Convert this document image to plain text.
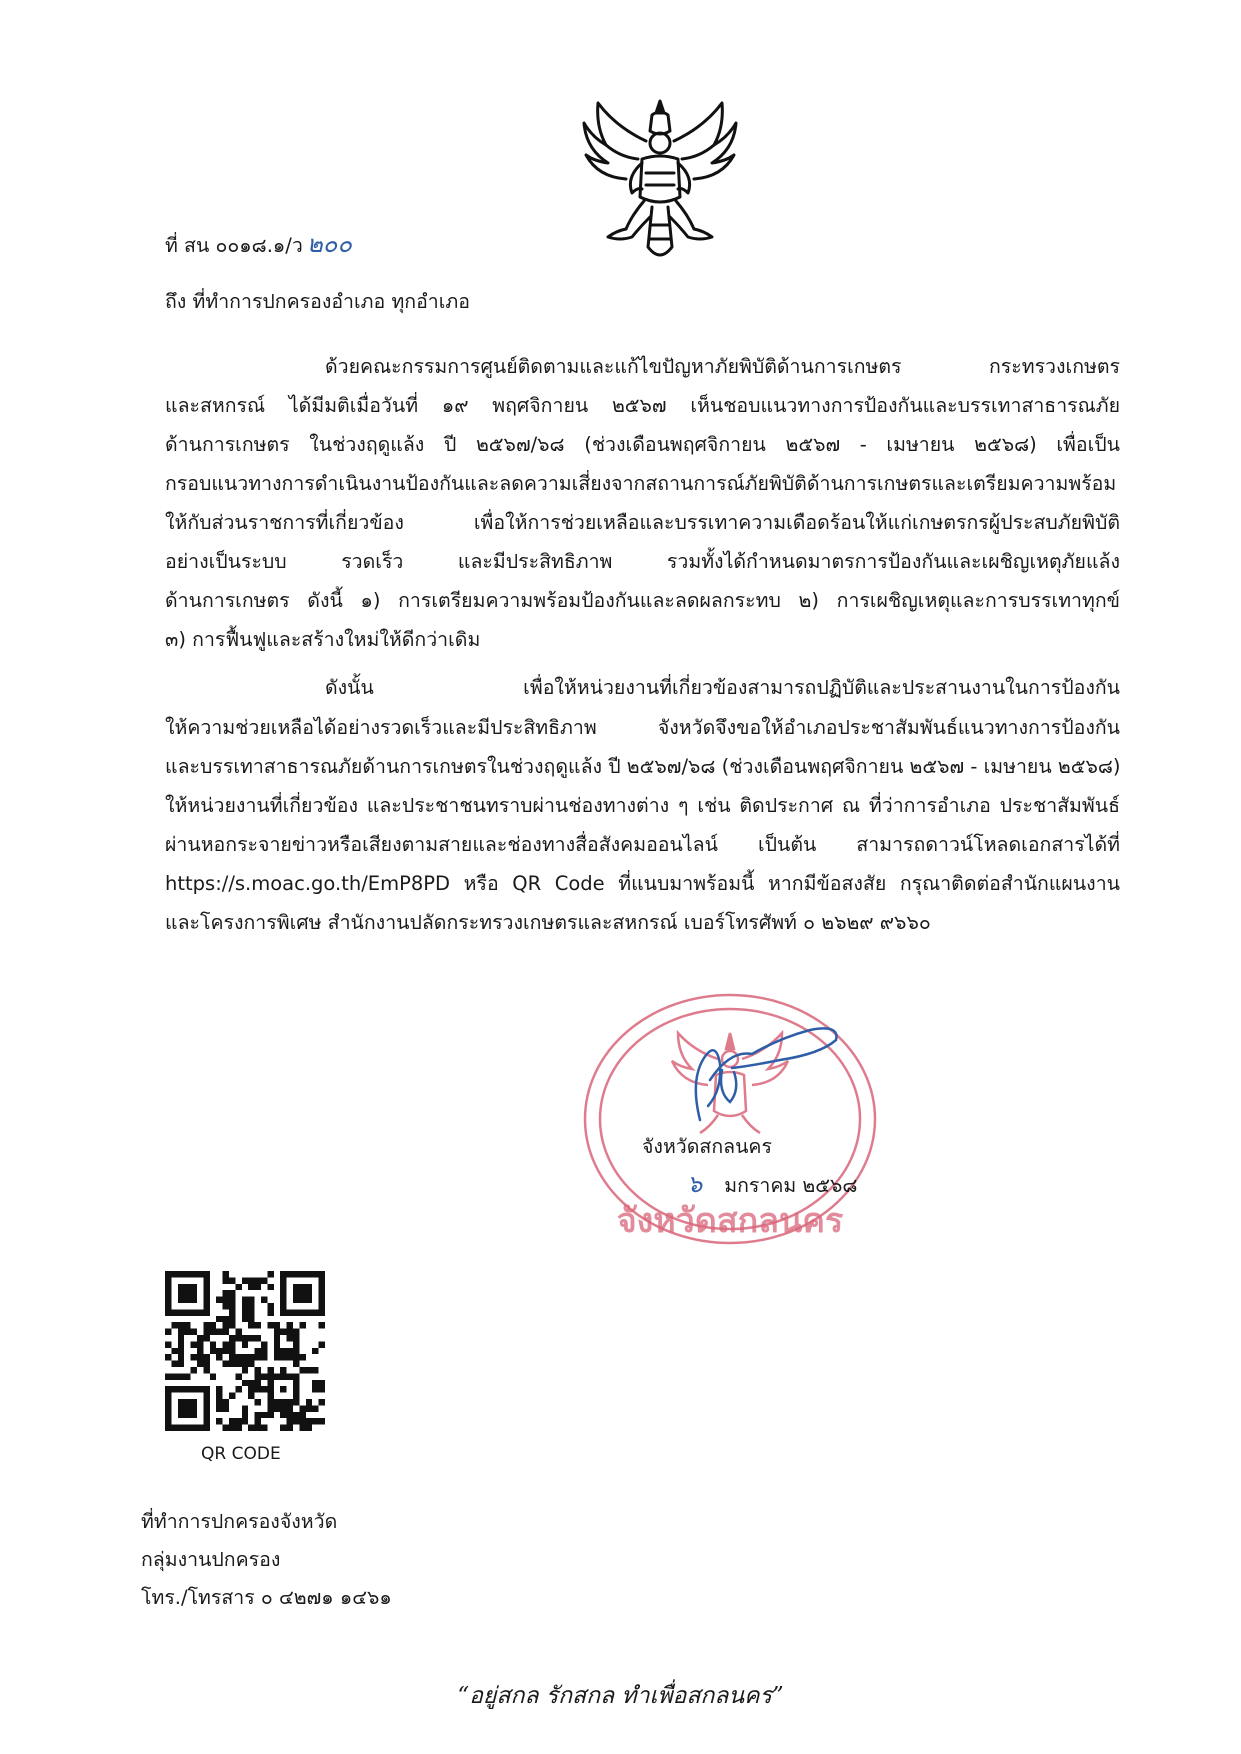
ที่ สน ๐๐๑๘.๑/ว ๒๐๐
ถึง ที่ทำการปกครองอำเภอ ทุกอำเภอ
ด้วยคณะกรรมการศูนย์ติดตามและแก้ไขปัญหาภัยพิบัติด้านการเกษตร กระทรวงเกษตร
และสหกรณ์ ได้มีมติเมื่อวันที่ ๑๙ พฤศจิกายน ๒๕๖๗ เห็นชอบแนวทางการป้องกันและบรรเทาสาธารณภัย
ด้านการเกษตร ในช่วงฤดูแล้ง ปี ๒๕๖๗/๖๘ (ช่วงเดือนพฤศจิกายน ๒๕๖๗ - เมษายน ๒๕๖๘) เพื่อเป็น
กรอบแนวทางการดำเนินงานป้องกันและลดความเสี่ยงจากสถานการณ์ภัยพิบัติด้านการเกษตรและเตรียมความพร้อม
ให้กับส่วนราชการที่เกี่ยวข้อง เพื่อให้การช่วยเหลือและบรรเทาความเดือดร้อนให้แก่เกษตรกรผู้ประสบภัยพิบัติ
อย่างเป็นระบบ รวดเร็ว และมีประสิทธิภาพ รวมทั้งได้กำหนดมาตรการป้องกันและเผชิญเหตุภัยแล้ง
ด้านการเกษตร ดังนี้ ๑) การเตรียมความพร้อมป้องกันและลดผลกระทบ ๒) การเผชิญเหตุและการบรรเทาทุกข์
๓) การฟื้นฟูและสร้างใหม่ให้ดีกว่าเดิม
ดังนั้น เพื่อให้หน่วยงานที่เกี่ยวข้องสามารถปฏิบัติและประสานงานในการป้องกัน
ให้ความช่วยเหลือได้อย่างรวดเร็วและมีประสิทธิภาพ จังหวัดจึงขอให้อำเภอประชาสัมพันธ์แนวทางการป้องกัน
และบรรเทาสาธารณภัยด้านการเกษตรในช่วงฤดูแล้ง ปี ๒๕๖๗/๖๘ (ช่วงเดือนพฤศจิกายน ๒๕๖๗ - เมษายน ๒๕๖๘)
ให้หน่วยงานที่เกี่ยวข้อง และประชาชนทราบผ่านช่องทางต่าง ๆ เช่น ติดประกาศ ณ ที่ว่าการอำเภอ ประชาสัมพันธ์
ผ่านหอกระจายข่าวหรือเสียงตามสายและช่องทางสื่อสังคมออนไลน์ เป็นต้น สามารถดาวน์โหลดเอกสารได้ที่
https://s.moac.go.th/EmP8PD หรือ QR Code ที่แนบมาพร้อมนี้ หากมีข้อสงสัย กรุณาติดต่อสำนักแผนงาน
และโครงการพิเศษ สำนักงานปลัดกระทรวงเกษตรและสหกรณ์ เบอร์โทรศัพท์ ๐ ๒๖๒๙ ๙๖๖๐
จังหวัดสกลนคร
จังหวัดสกลนคร
๖ มกราคม ๒๕๖๘
QR CODE
ที่ทำการปกครองจังหวัด
กลุ่มงานปกครอง
โทร./โทรสาร ๐ ๔๒๗๑ ๑๔๖๑
“อยู่สกล รักสกล ทำเพื่อสกลนคร”
